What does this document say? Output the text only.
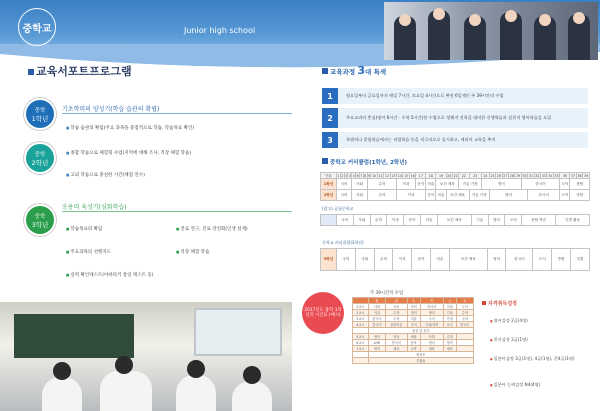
중학교	Junior high school
교육서포트프로그램
중학
1학년
기초학력의 양성기(학습 습관의 확립)
■ 학습 습관의 확립(주요 과목을 중점적으로 학습, 학습목표 확인)
중학
2학년
■ 종합 학습으로 체험형 수업(지역에 대해 조사, 직장 체험 학습)
■ 고외 학습으로 충실한 시간(체험 연수)
중학
3학년
응용력 육성기(심화학습)
■ 학습목표의 확립	■ 진로 연구, 진로 강연회(인생 설계)
■ 주요과목의 선행지도	■ 직장 체험 학습
■ 실력 확인테스트(아바타키 통일 테스트 등)
교육과정 3대 특색
1	월요일부터 금요일까지 매일 7시간, 토요일 4시간으로 완전 6일제인 주 39시간의 수업
2	주요교과의 충실(영어 6시간 · 수학 5시간)한 수업으로 정해져 진학을 대비한 선행학습과 실천적 영어학습을 도입
3	특별히나 종합학습에서는 직업학습 등을 적극적으로 실시하고, 캐리어 교육을 추진
중학교 커리큘럼(1학년, 2학년)
단위	1	2	3	4	5	6	7	8	9	10	11	12	13	14	15	16	17	18	19	20	21	22	23	24	25	26	27	28	29	30	31	32	33	34	35	36	37	38	39
1학년	국어				사회				수학					이과			음악	미술	보건 체육			기술 가정		영어						한국어						도덕	종합		
2학년	국어				사회				수학					이과				음악	미술	보건 체육			기술 가정		영어						한국어					도덕	종합		
(참고) 공립중학교
	국어	사회	수학	이과	음악	미술	보건 체육	기술	영어	도덕	종합 학습	특별 활동
중학교 커리큘럼(3학년)
3학년	국어	사회	수학	이과	음악	미술	보건 체육	영어	한국어	도덕	종합	특별
2017년도 중학 1학년의 시간표 (예시)
주 39시간의 수업
	월	화	수	목	금	토
1교시	사회	국어	사회	한국어	이과	도덕
2교시	이과	수학	영어	영어	기술	수학
3교시	한국어	수학	미술	국어	가정	국어
4교시	한국어	종합학습	국어	이과/과학	보건	한국어
	점심 및 휴식					
5교시	영어	역사	체육	사회	수학	
6교시	LHR	한국어	음악	영어	영어	
7교시	영어	체육	수학	체육	체육	
	방과후					
	부활동					
자격취득검정
● 영어검정 2급(4명)
● 한자검정 2급(1명)
● 일본어검정 3급(1명), 4급(1명), 준4급(1명)
● 일본어 능력검정 N4(4명)
